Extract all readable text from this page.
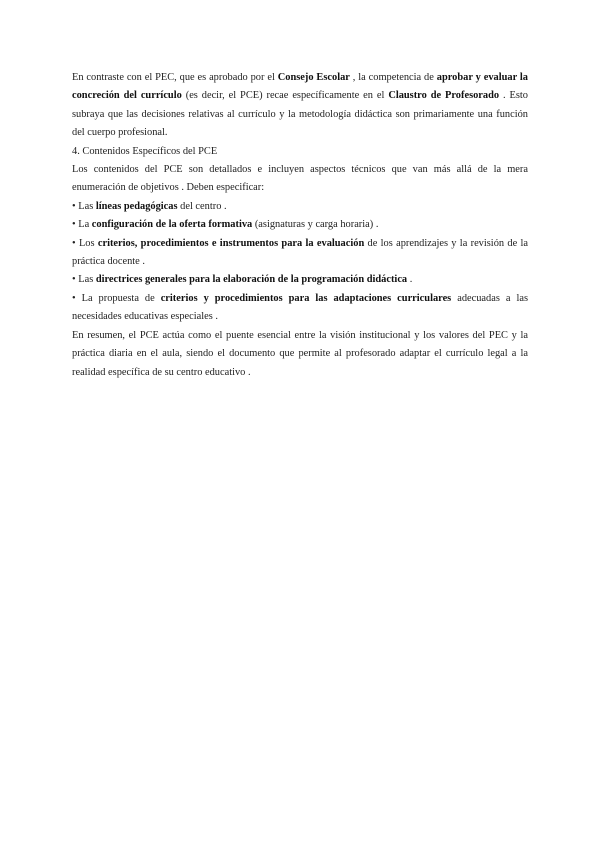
En contraste con el PEC, que es aprobado por el Consejo Escolar , la competencia de aprobar y evaluar la concreción del currículo (es decir, el PCE) recae específicamente en el Claustro de Profesorado . Esto subraya que las decisiones relativas al currículo y la metodología didáctica son primariamente una función del cuerpo profesional.

4. Contenidos Específicos del PCE

Los contenidos del PCE son detallados e incluyen aspectos técnicos que van más allá de la mera enumeración de objetivos . Deben especificar:

• Las líneas pedagógicas del centro .

• La configuración de la oferta formativa (asignaturas y carga horaria) .

• Los criterios, procedimientos e instrumentos para la evaluación de los aprendizajes y la revisión de la práctica docente .

• Las directrices generales para la elaboración de la programación didáctica .

• La propuesta de criterios y procedimientos para las adaptaciones curriculares adecuadas a las necesidades educativas especiales .

En resumen, el PCE actúa como el puente esencial entre la visión institucional y los valores del PEC y la práctica diaria en el aula, siendo el documento que permite al profesorado adaptar el currículo legal a la realidad específica de su centro educativo .
